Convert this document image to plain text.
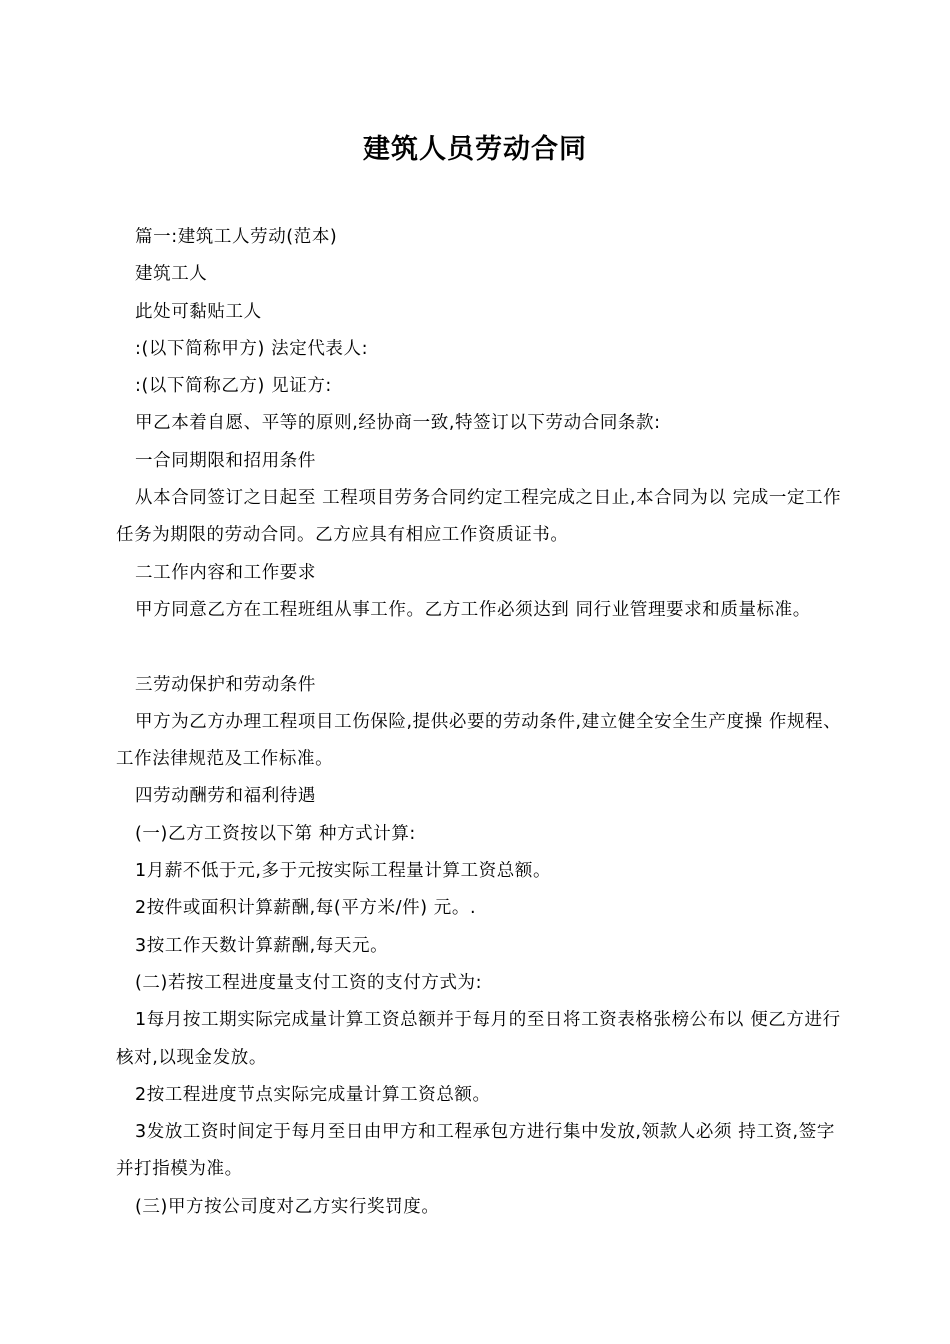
建筑人员劳动合同

篇一:建筑工人劳动(范本)

建筑工人

此处可黏贴工人

:(以下简称甲方) 法定代表人:

:(以下简称乙方) 见证方:

甲乙本着自愿、平等的原则,经协商一致,特签订以下劳动合同条款:

一合同期限和招用条件

从本合同签订之日起至 工程项目劳务合同约定工程完成之日止,本合同为以 完成一定工作任务为期限的劳动合同。乙方应具有相应工作资质证书。

二工作内容和工作要求

甲方同意乙方在工程班组从事工作。乙方工作必须达到 同行业管理要求和质量标准。

三劳动保护和劳动条件

甲方为乙方办理工程项目工伤保险,提供必要的劳动条件,建立健全安全生产度操 作规程、工作法律规范及工作标准。

四劳动酬劳和福利待遇

(一)乙方工资按以下第 种方式计算:

1月薪不低于元,多于元按实际工程量计算工资总额。

2按件或面积计算薪酬,每(平方米/件) 元。.

3按工作天数计算薪酬,每天元。

(二)若按工程进度量支付工资的支付方式为:

1每月按工期实际完成量计算工资总额并于每月的至日将工资表格张榜公布以 便乙方进行核对,以现金发放。

2按工程进度节点实际完成量计算工资总额。

3发放工资时间定于每月至日由甲方和工程承包方进行集中发放,领款人必须 持工资,签字并打指模为准。

(三)甲方按公司度对乙方实行奖罚度。
